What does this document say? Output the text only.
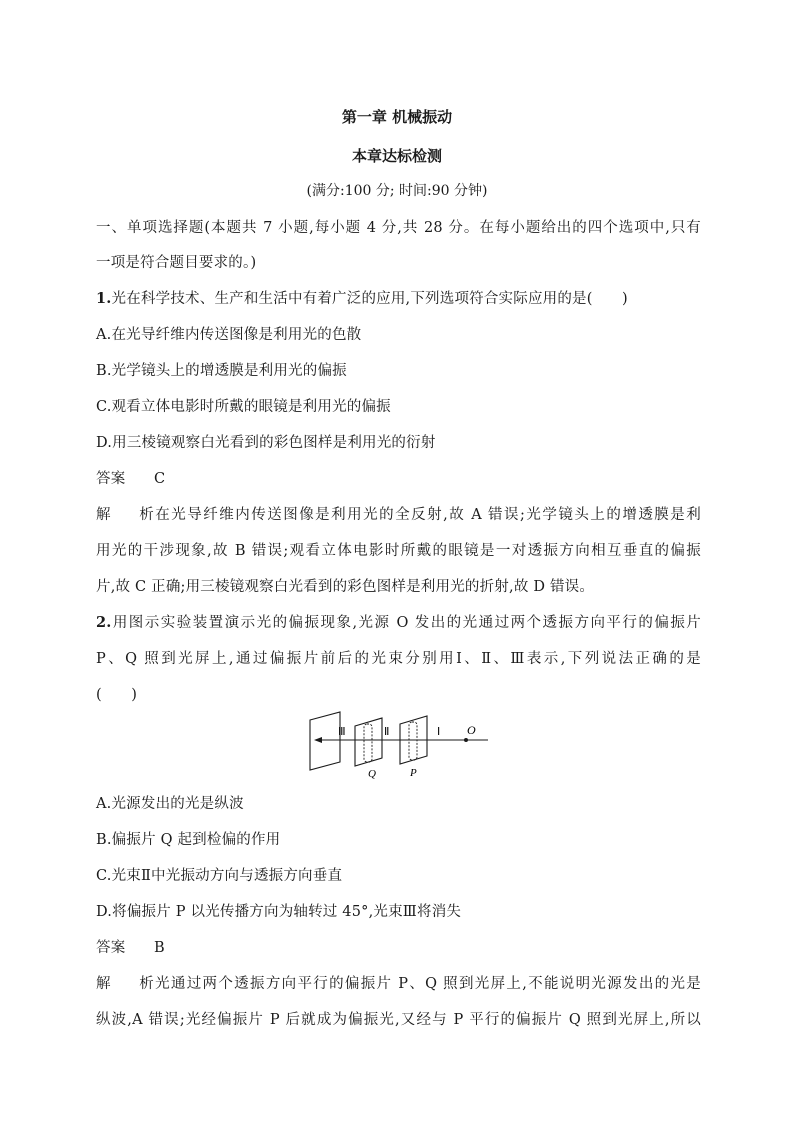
第一章 机械振动
本章达标检测
(满分:100 分; 时间:90 分钟)
一、单项选择题(本题共 7 小题,每小题 4 分,共 28 分。在每小题给出的四个选项中,只有
一项是符合题目要求的。)
1.光在科学技术、生产和生活中有着广泛的应用,下列选项符合实际应用的是(　　)
A.在光导纤维内传送图像是利用光的色散
B.光学镜头上的增透膜是利用光的偏振
C.观看立体电影时所戴的眼镜是利用光的偏振
D.用三棱镜观察白光看到的彩色图样是利用光的衍射
答案 C
解析在光导纤维内传送图像是利用光的全反射,故 A 错误;光学镜头上的增透膜是利
用光的干涉现象,故 B 错误;观看立体电影时所戴的眼镜是一对透振方向相互垂直的偏振
片,故 C 正确;用三棱镜观察白光看到的彩色图样是利用光的折射,故 D 错误。
2.用图示实验装置演示光的偏振现象,光源 O 发出的光通过两个透振方向平行的偏振片
P、Q 照到光屏上,通过偏振片前后的光束分别用Ⅰ、Ⅱ、Ⅲ表示,下列说法正确的是
(　　)
Ⅲ	Ⅱ	Ⅰ O
Q	P
A.光源发出的光是纵波
B.偏振片 Q 起到检偏的作用
C.光束Ⅱ中光振动方向与透振方向垂直
D.将偏振片 P 以光传播方向为轴转过 45°,光束Ⅲ将消失
答案 B
解析光通过两个透振方向平行的偏振片 P、Q 照到光屏上,不能说明光源发出的光是
纵波,A 错误;光经偏振片 P 后就成为偏振光,又经与 P 平行的偏振片 Q 照到光屏上,所以
